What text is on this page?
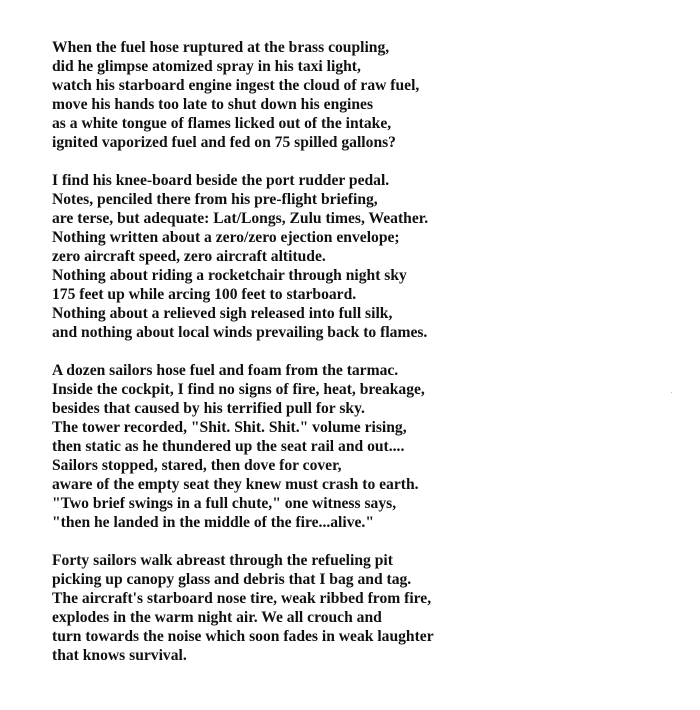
When the fuel hose ruptured at the brass coupling,
did he glimpse atomized spray in his taxi light,
watch his starboard engine ingest the cloud of raw fuel,
move his hands too late to shut down his engines
as a white tongue of flames licked out of the intake,
ignited vaporized fuel and fed on 75 spilled gallons?
I find his knee-board beside the port rudder pedal.
Notes, penciled there from his pre-flight briefing,
are terse, but adequate: Lat/Longs, Zulu times, Weather.
Nothing written about a zero/zero ejection envelope;
zero aircraft speed, zero aircraft altitude.
Nothing about riding a rocketchair through night sky
175 feet up while arcing 100 feet to starboard.
Nothing about a relieved sigh released into full silk,
and nothing about local winds prevailing back to flames.
A dozen sailors hose fuel and foam from the tarmac.
Inside the cockpit, I find no signs of fire, heat, breakage,
besides that caused by his terrified pull for sky.
The tower recorded, "Shit. Shit. Shit." volume rising,
then static as he thundered up the seat rail and out....
Sailors stopped, stared, then dove for cover,
aware of the empty seat they knew must crash to earth.
"Two brief swings in a full chute," one witness says,
"then he landed in the middle of the fire...alive."
Forty sailors walk abreast through the refueling pit
picking up canopy glass and debris that I bag and tag.
The aircraft's starboard nose tire, weak ribbed from fire,
explodes in the warm night air. We all crouch and
turn towards the noise which soon fades in weak laughter
that knows survival.
